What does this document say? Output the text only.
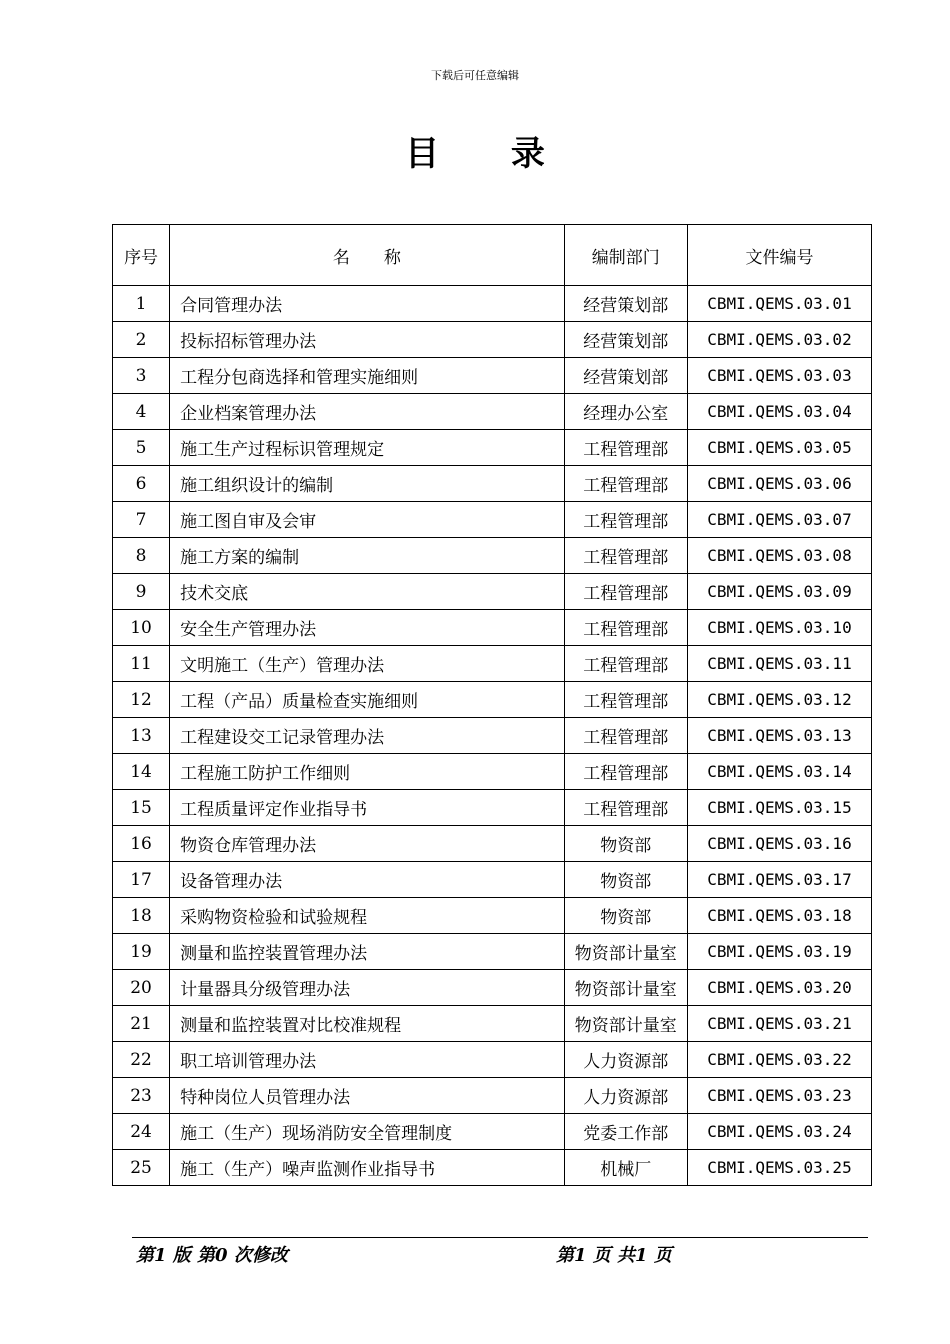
下载后可任意编辑
目 录
序号	名　　称	编制部门	文件编号
1	合同管理办法	经营策划部	CBMI.QEMS.03.01
2	投标招标管理办法	经营策划部	CBMI.QEMS.03.02
3	工程分包商选择和管理实施细则	经营策划部	CBMI.QEMS.03.03
4	企业档案管理办法	经理办公室	CBMI.QEMS.03.04
5	施工生产过程标识管理规定	工程管理部	CBMI.QEMS.03.05
6	施工组织设计的编制	工程管理部	CBMI.QEMS.03.06
7	施工图自审及会审	工程管理部	CBMI.QEMS.03.07
8	施工方案的编制	工程管理部	CBMI.QEMS.03.08
9	技术交底	工程管理部	CBMI.QEMS.03.09
10	安全生产管理办法	工程管理部	CBMI.QEMS.03.10
11	文明施工（生产）管理办法	工程管理部	CBMI.QEMS.03.11
12	工程（产品）质量检查实施细则	工程管理部	CBMI.QEMS.03.12
13	工程建设交工记录管理办法	工程管理部	CBMI.QEMS.03.13
14	工程施工防护工作细则	工程管理部	CBMI.QEMS.03.14
15	工程质量评定作业指导书	工程管理部	CBMI.QEMS.03.15
16	物资仓库管理办法	物资部	CBMI.QEMS.03.16
17	设备管理办法	物资部	CBMI.QEMS.03.17
18	采购物资检验和试验规程	物资部	CBMI.QEMS.03.18
19	测量和监控装置管理办法	物资部计量室	CBMI.QEMS.03.19
20	计量器具分级管理办法	物资部计量室	CBMI.QEMS.03.20
21	测量和监控装置对比校准规程	物资部计量室	CBMI.QEMS.03.21
22	职工培训管理办法	人力资源部	CBMI.QEMS.03.22
23	特种岗位人员管理办法	人力资源部	CBMI.QEMS.03.23
24	施工（生产）现场消防安全管理制度	党委工作部	CBMI.QEMS.03.24
25	施工（生产）噪声监测作业指导书	机械厂	CBMI.QEMS.03.25
第1 版 第0 次修改	第1 页 共1 页
